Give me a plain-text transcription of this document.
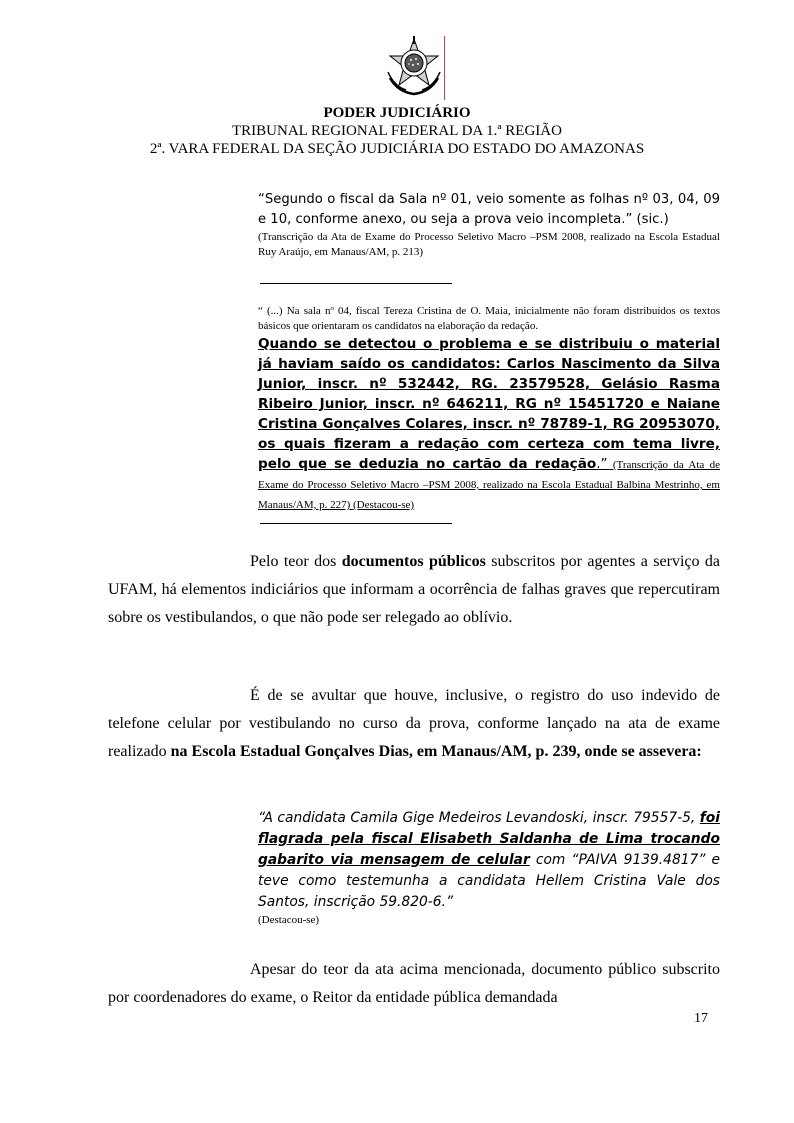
PODER JUDICIÁRIO
TRIBUNAL REGIONAL FEDERAL DA 1.ª REGIÃO
2ª. VARA FEDERAL DA SEÇÃO JUDICIÁRIA DO ESTADO DO AMAZONAS
“Segundo o fiscal da Sala nº 01, veio somente as folhas nº 03, 04, 09 e 10, conforme anexo, ou seja a prova veio incompleta.” (sic.)
(Transcrição da Ata de Exame do Processo Seletivo Macro –PSM 2008, realizado na Escola Estadual Ruy Araújo, em Manaus/AM, p. 213)
“ (...) Na sala nº 04, fiscal Tereza Cristina de O. Maia, inicialmente não foram distribuídos os textos básicos que orientaram os candidatos na elaboração da redação.
Quando se detectou o problema e se distribuiu o material já haviam saído os candidatos: Carlos Nascimento da Silva Junior, inscr. nº 532442, RG. 23579528, Gelásio Rasma Ribeiro Junior, inscr. nº 646211, RG nº 15451720 e Naiane Cristina Gonçalves Colares, inscr. nº 78789-1, RG 20953070, os quais fizeram a redação com certeza com tema livre, pelo que se deduzia no cartão da redação.” (Transcrição da Ata de Exame do Processo Seletivo Macro –PSM 2008, realizado na Escola Estadual Balbina Mestrinho, em Manaus/AM, p. 227) (Destacou-se)
Pelo teor dos documentos públicos subscritos por agentes a serviço da UFAM, há elementos indiciários que informam a ocorrência de falhas graves que repercutiram sobre os vestibulandos, o que não pode ser relegado ao oblívio.
É de se avultar que houve, inclusive, o registro do uso indevido de telefone celular por vestibulando no curso da prova, conforme lançado na ata de exame realizado na Escola Estadual Gonçalves Dias, em Manaus/AM, p. 239, onde se assevera:
“A candidata Camila Gige Medeiros Levandoski, inscr. 79557-5, foi flagrada pela fiscal Elisabeth Saldanha de Lima trocando gabarito via mensagem de celular com “PAIVA 9139.4817” e teve como testemunha a candidata Hellem Cristina Vale dos Santos, inscrição 59.820-6.”
(Destacou-se)
Apesar do teor da ata acima mencionada, documento público subscrito por coordenadores do exame, o Reitor da entidade pública demandada
17
